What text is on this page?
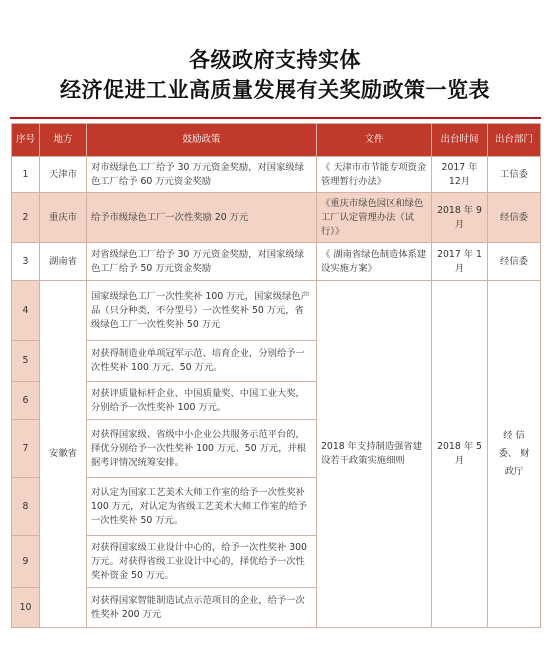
各级政府支持实体
经济促进工业高质量发展有关奖励政策一览表
序号	地方	鼓励政策	文件	出台时间	出台部门
1	天津市	对市级绿色工厂给予 30 万元资金奖励，对国家级绿色工厂给予 60 万元资金奖励	《 天津市市节能专项资金管理暂行办法》	2017 年 12月	工信委
2	重庆市	给予市级绿色工厂一次性奖励 20 万元	《重庆市绿色园区和绿色工厂认定管理办法（试行）》	2018 年 9月	经信委
3	湖南省	对省级绿色工厂给予 30 万元资金奖励，对国家级绿色工厂给予 50 万元资金奖励	《 湖南省绿色制造体系建设实施方案》	2017 年 1月	经信委
4	安徽省	国家级绿色工厂一次性奖补 100 万元，国家级绿色产品（只分种类，不分型号）一次性奖补 50 万元，省级绿色工厂一次性奖补 50 万元	2018 年支持制造强省建设若干政策实施细则	2018 年 5月	经 信 委、 财 政厅
5		对获得制造业单项冠军示范、培育企业，分别给予一次性奖补 100 万元、50 万元。			
6		对获评质量标杆企业、中国质量奖、中国工业大奖，分别给予一次性奖补 100 万元。			
7		对获得国家级、省级中小企业公共服务示范平台的，择优分别给予一次性奖补 100 万元、50 万元，并根据考评情况统筹安排。			
8		对认定为国家工艺美术大师工作室的给予一次性奖补 100 万元，对认定为省级工艺美术大师工作室的给予一次性奖补 50 万元。			
9		对获得国家级工业设计中心的，给予一次性奖补 300 万元。对获得省级工业设计中心的，择优给予一次性奖补资金 50 万元。			
10		对获得国家智能制造试点示范项目的企业，给予一次性奖补 200 万元			
